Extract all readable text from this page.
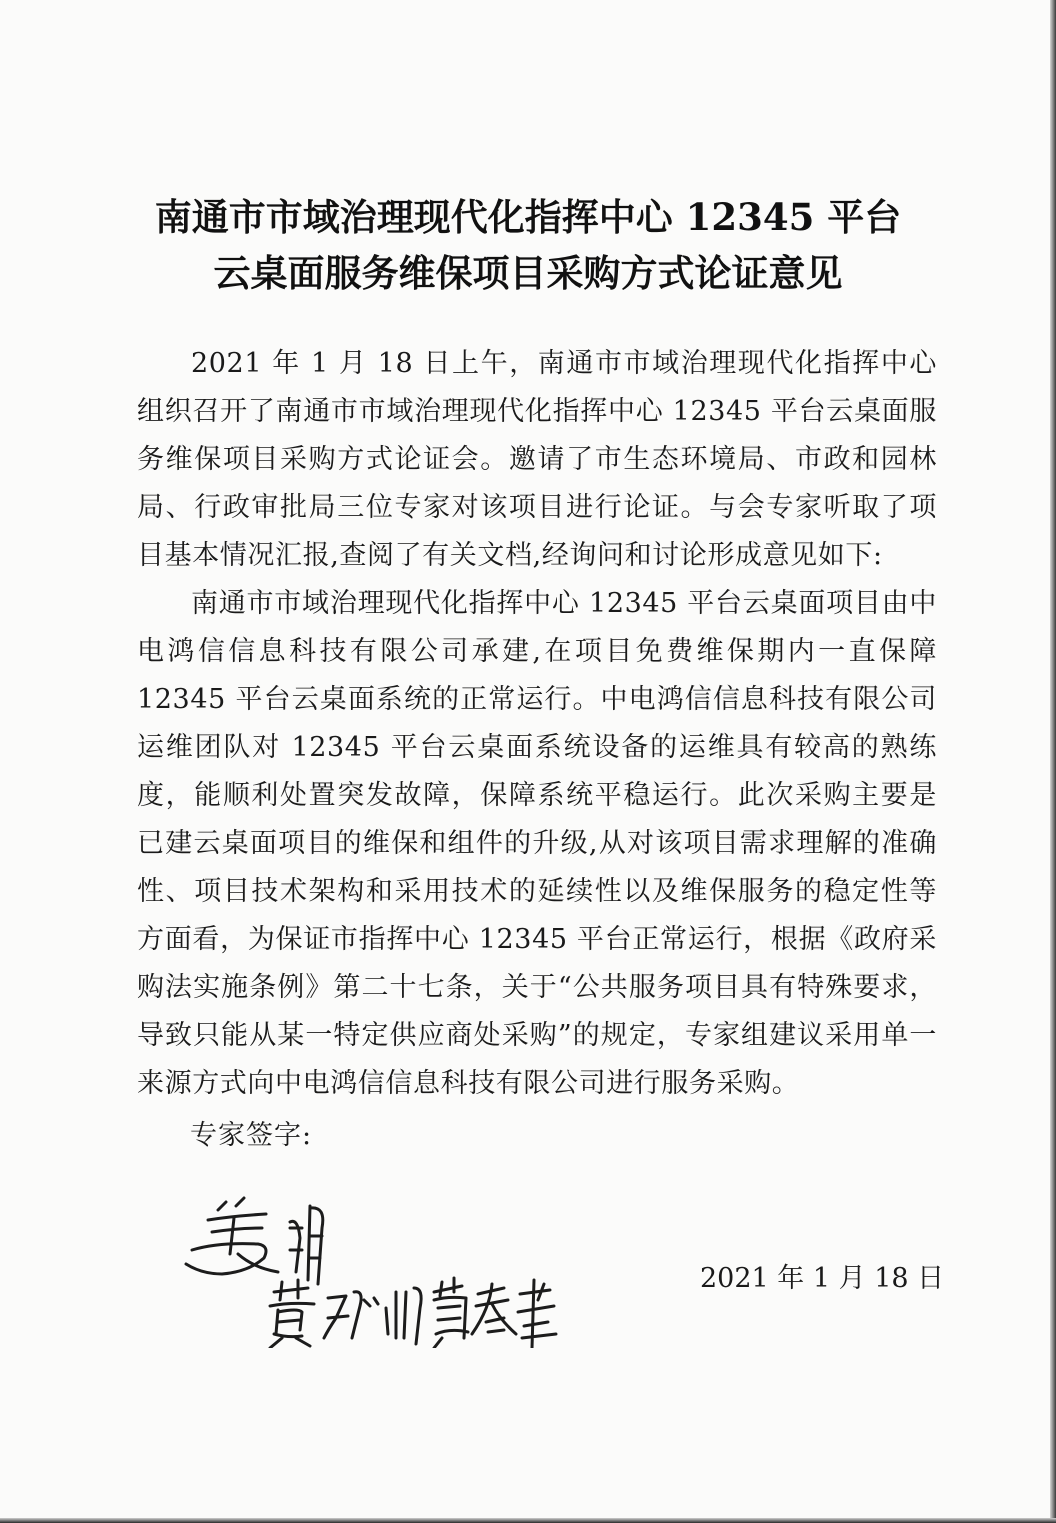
南通市市域治理现代化指挥中心 12345 平台
云桌面服务维保项目采购方式论证意见

2021 年 1 月 18 日上午，南通市市域治理现代化指挥中心组织召开了南通市市域治理现代化指挥中心 12345 平台云桌面服务维保项目采购方式论证会。邀请了市生态环境局、市政和园林局、行政审批局三位专家对该项目进行论证。与会专家听取了项目基本情况汇报,查阅了有关文档,经询问和讨论形成意见如下:

南通市市域治理现代化指挥中心 12345 平台云桌面项目由中电鸿信信息科技有限公司承建,在项目免费维保期内一直保障 12345 平台云桌面系统的正常运行。中电鸿信信息科技有限公司运维团队对 12345 平台云桌面系统设备的运维具有较高的熟练度，能顺利处置突发故障，保障系统平稳运行。此次采购主要是已建云桌面项目的维保和组件的升级,从对该项目需求理解的准确性、项目技术架构和采用技术的延续性以及维保服务的稳定性等方面看，为保证市指挥中心 12345 平台正常运行，根据《政府采购法实施条例》第二十七条，关于“公共服务项目具有特殊要求，导致只能从某一特定供应商处采购”的规定，专家组建议采用单一来源方式向中电鸿信信息科技有限公司进行服务采购。

专家签字:
2021 年 1 月 18 日
